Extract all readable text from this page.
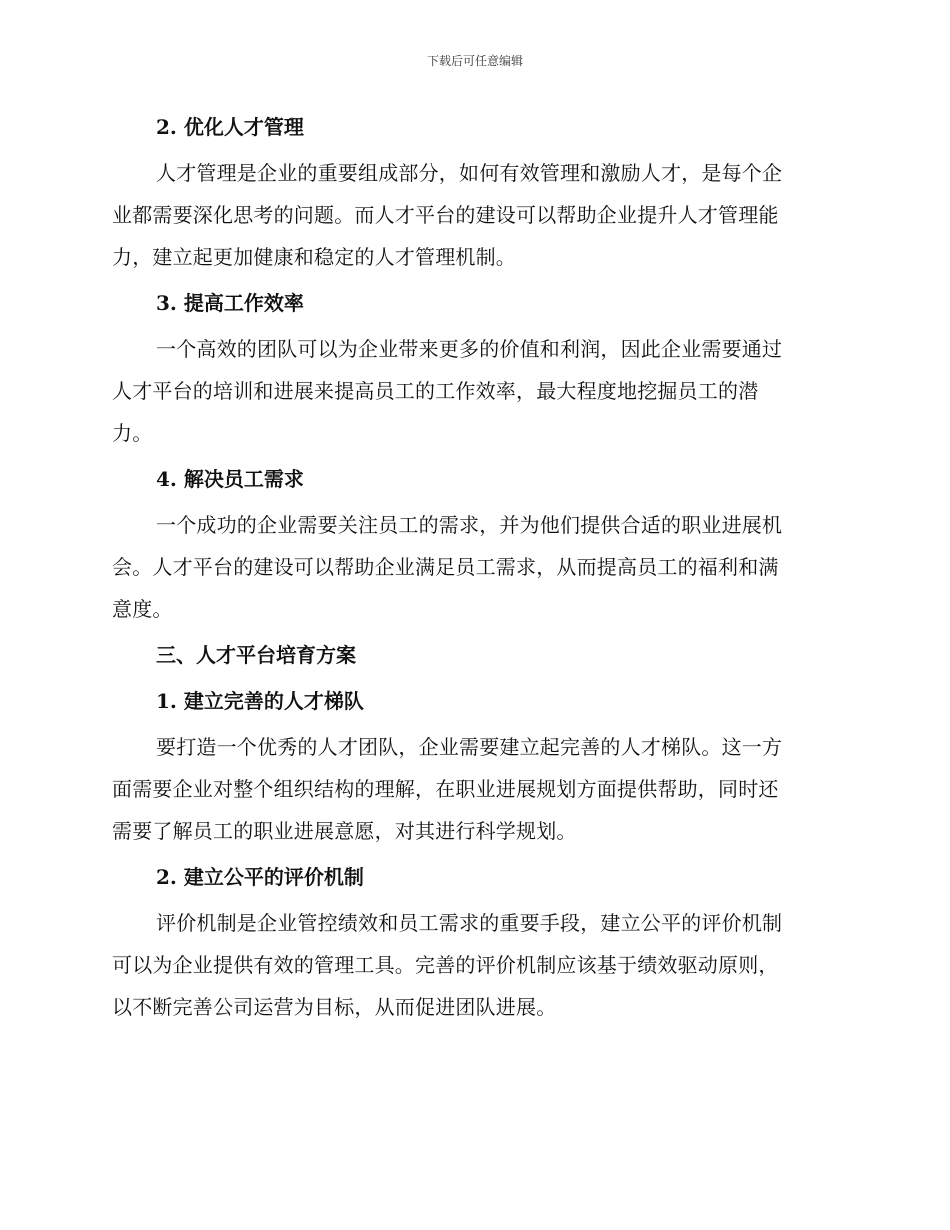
下载后可任意编辑
2. 优化人才管理

人才管理是企业的重要组成部分，如何有效管理和激励人才，是每个企
业都需要深化思考的问题。而人才平台的建设可以帮助企业提升人才管理能
力，建立起更加健康和稳定的人才管理机制。

3. 提高工作效率

一个高效的团队可以为企业带来更多的价值和利润，因此企业需要通过
人才平台的培训和进展来提高员工的工作效率，最大程度地挖掘员工的潜
力。

4. 解决员工需求

一个成功的企业需要关注员工的需求，并为他们提供合适的职业进展机
会。人才平台的建设可以帮助企业满足员工需求，从而提高员工的福利和满
意度。

三、人才平台培育方案
1. 建立完善的人才梯队

要打造一个优秀的人才团队，企业需要建立起完善的人才梯队。这一方
面需要企业对整个组织结构的理解，在职业进展规划方面提供帮助，同时还
需要了解员工的职业进展意愿，对其进行科学规划。

2. 建立公平的评价机制

评价机制是企业管控绩效和员工需求的重要手段，建立公平的评价机制
可以为企业提供有效的管理工具。完善的评价机制应该基于绩效驱动原则，
以不断完善公司运营为目标，从而促进团队进展。
